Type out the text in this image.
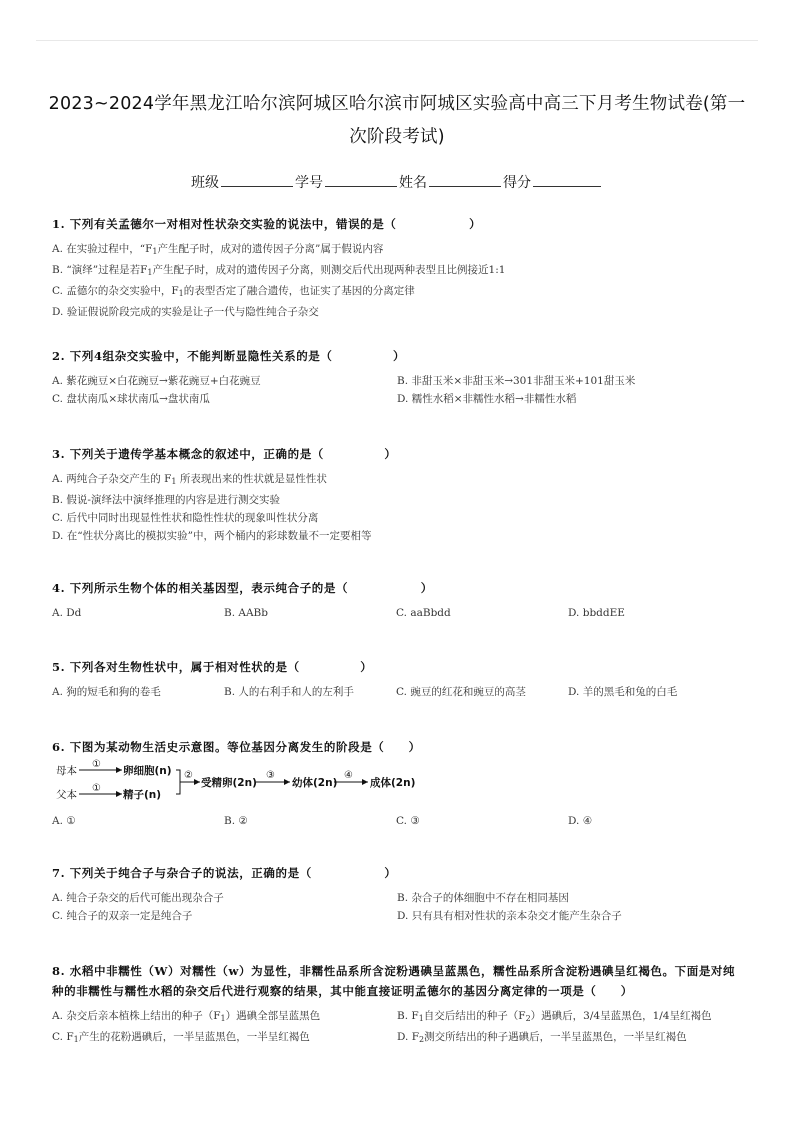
2023~2024学年黑龙江哈尔滨阿城区哈尔滨市阿城区实验高中高三下月考生物试卷(第一次阶段考试)
班级	学号	姓名	得分
1. 下列有关孟德尔一对相对性状杂交实验的说法中，错误的是（　　　　　　）
A. 在实验过程中，“$F_1$产生配子时，成对的遗传因子分离”属于假说内容
B. “演绎”过程是若$F_1$产生配子时，成对的遗传因子分离，则测交后代出现两种表型且比例接近1:1
C. 孟德尔的杂交实验中，$F_1$的表型否定了融合遗传，也证实了基因的分离定律
D. 验证假说阶段完成的实验是让子一代与隐性纯合子杂交
2. 下列4组杂交实验中，不能判断显隐性关系的是（　　　　　）
A. 紫花豌豆×白花豌豆→紫花豌豆+白花豌豆	B. 非甜玉米×非甜玉米→301非甜玉米+101甜玉米
C. 盘状南瓜×球状南瓜→盘状南瓜	D. 糯性水稻×非糯性水稻→非糯性水稻
3. 下列关于遗传学基本概念的叙述中，正确的是（　　　　　）
A. 两纯合子杂交产生的 $F_1$ 所表现出来的性状就是显性性状
B. 假说-演绎法中演绎推理的内容是进行测交实验
C. 后代中同时出现显性性状和隐性性状的现象叫性状分离
D. 在“性状分离比的模拟实验”中，两个桶内的彩球数量不一定要相等
4. 下列所示生物个体的相关基因型，表示纯合子的是（　　　　　　）
A. Dd	B. AABb	C. aaBbdd	D. bbddEE
5. 下列各对生物性状中，属于相对性状的是（　　　　　）
A. 狗的短毛和狗的卷毛	B. 人的右利手和人的左利手	C. 豌豆的红花和豌豆的高茎	D. 羊的黑毛和兔的白毛
6. 下图为某动物生活史示意图。等位基因分离发生的阶段是（　　）
母本
①
卵细胞(n)
父本
①
精子(n)
②
受精卵(2n)
③
幼体(2n)
④
成体(2n)
A. ①	B. ②	C. ③	D. ④
7. 下列关于纯合子与杂合子的说法，正确的是（　　　　　　）
A. 纯合子杂交的后代可能出现杂合子	B. 杂合子的体细胞中不存在相同基因
C. 纯合子的双亲一定是纯合子	D. 只有具有相对性状的亲本杂交才能产生杂合子
8. 水稻中非糯性（W）对糯性（w）为显性，非糯性品系所含淀粉遇碘呈蓝黑色，糯性品系所含淀粉遇碘呈红褐色。下面是对纯种的非糯性与糯性水稻的杂交后代进行观察的结果，其中能直接证明孟德尔的基因分离定律的一项是（　　）
A. 杂交后亲本植株上结出的种子$(F_1)$遇碘全部呈蓝黑色	B. $F_1$自交后结出的种子$(F_2)$遇碘后，3/4呈蓝黑色，1/4呈红褐色
C. $F_1$产生的花粉遇碘后，一半呈蓝黑色，一半呈红褐色	D. $F_2$测交所结出的种子遇碘后，一半呈蓝黑色，一半呈红褐色
